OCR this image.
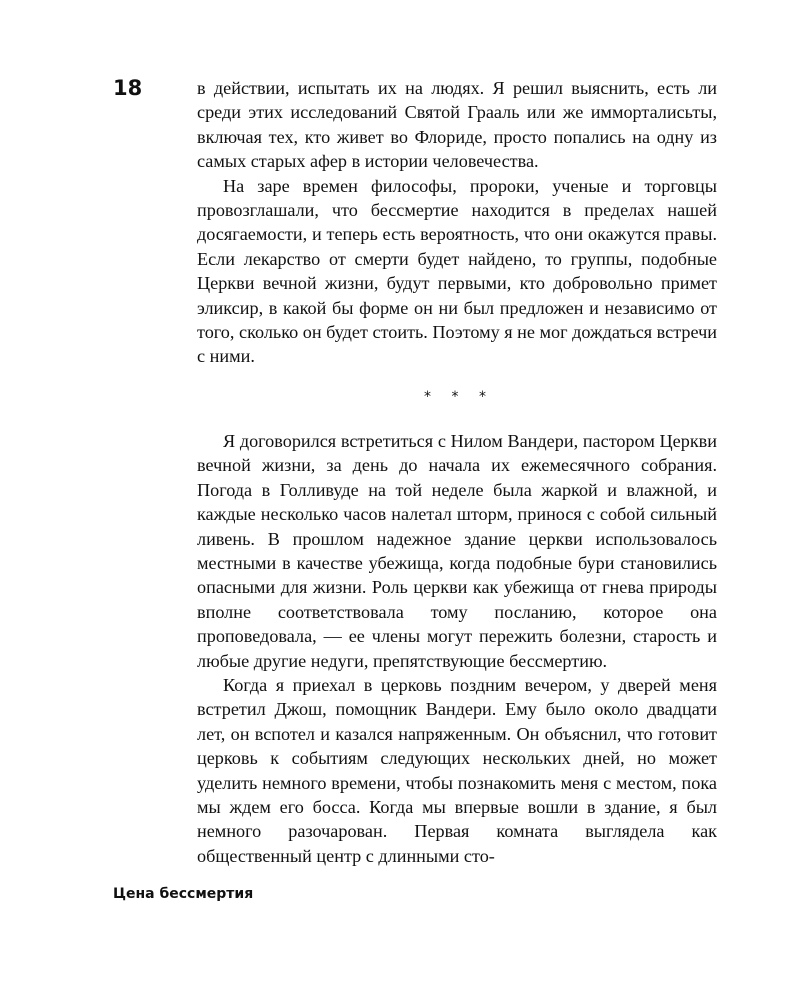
18	в действии, испытать их на людях. Я решил выяснить, есть ли среди этих исследований Святой Грааль или же имморталисьты, включая тех, кто живет во Флориде, просто попались на одну из самых старых афер в истории человечества.

На заре времен философы, пророки, ученые и торговцы провозглашали, что бессмертие находится в пределах нашей досягаемости, и теперь есть вероятность, что они окажутся правы. Если лекарство от смерти будет найдено, то группы, подобные Церкви вечной жизни, будут первыми, кто добровольно примет эликсир, в какой бы форме он ни был предложен и независимо от того, сколько он будет стоить. Поэтому я не мог дождаться встречи с ними.

* * *

Я договорился встретиться с Нилом Вандери, пастором Церкви вечной жизни, за день до начала их ежемесячного собрания. Погода в Голливуде на той неделе была жаркой и влажной, и каждые несколько часов налетал шторм, принося с собой сильный ливень. В прошлом надежное здание церкви использовалось местными в качестве убежища, когда подобные бури становились опасными для жизни. Роль церкви как убежища от гнева природы вполне соответствовала тому посланию, которое она проповедовала, — ее члены могут пережить болезни, старость и любые другие недуги, препятствующие бессмертию.

Когда я приехал в церковь поздним вечером, у дверей меня встретил Джош, помощник Вандери. Ему было около двадцати лет, он вспотел и казался напряженным. Он объяснил, что готовит церковь к событиям следующих нескольких дней, но может уделить немного времени, чтобы познакомить меня с местом, пока мы ждем его босса. Когда мы впервые вошли в здание, я был немного разочарован. Первая комната выглядела как общественный центр с длинными сто-

Цена бессмертия
